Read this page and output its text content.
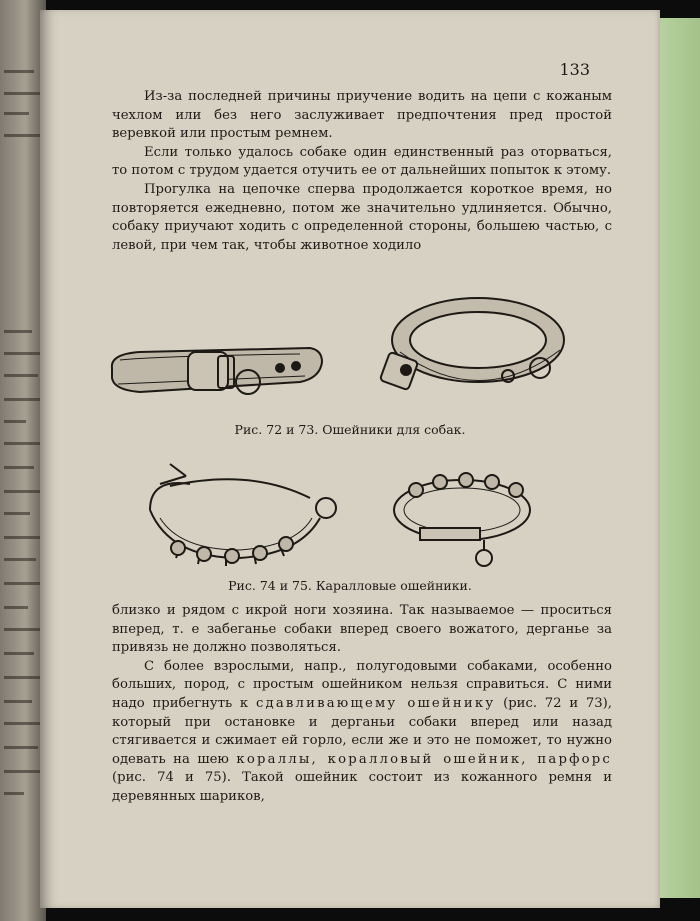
133

Из-за последней причины приучение водить на цепи с кожаным чехлом или без него заслуживает предпочтения пред простой веревкой или простым ремнем.

Если только удалось собаке один единственный раз оторваться, то потом с трудом удается отучить ее от дальнейших попыток к этому.

Прогулка на цепочке сперва продолжается короткое время, но повторяется ежедневно, потом же значительно удлиняется. Обычно, собаку приучают ходить с определенной стороны, большею частью, с левой, при чем так, чтобы животное ходило

Рис. 72 и 73. Ошейники для собак.
Рис. 74 и 75. Каралловые ошейники.

близко и рядом с икрой ноги хозяина. Так называемое — проситься вперед, т. е забеганье собаки вперед своего вожатого, дерганье за привязь не должно позволяться.

С более взрослыми, напр., полугодовыми собаками, особенно больших, пород, с простым ошейником нельзя справиться. С ними надо прибегнуть к сдавливающему ошейнику (рис. 72 и 73), который при остановке и дерганьи собаки вперед или назад стягивается и сжимает ей горло, если же и это не поможет, то нужно одевать на шею кораллы, коралловый ошейник, парфорс (рис. 74 и 75). Такой ошейник состоит из кожанного ремня и деревянных шариков,
